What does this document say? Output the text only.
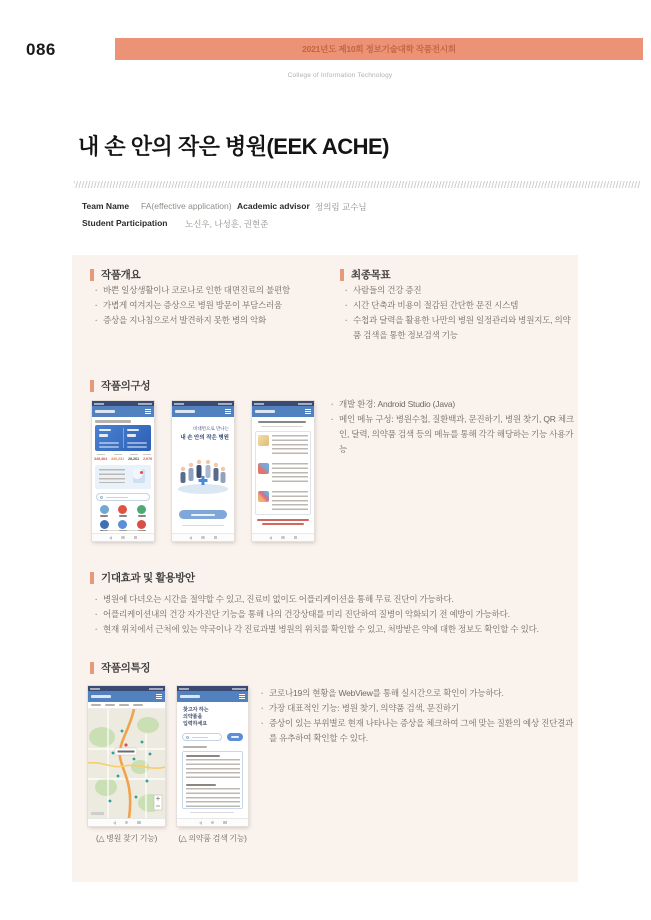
086	2021년도 제10회 정보기술대학 작품전시회
College of Information Technology
내 손 안의 작은 병원(EEK ACHE)
Team Name FA(effective application) Academic advisor 정의림 교수님
Student Participation 노신우, 나성훈, 권현준
작품개요
· 바쁜 일상생활이나 코로나로 인한 대면진료의 불편함
· 가볍게 여겨지는 증상으로 병원 방문이 부담스러움
· 증상을 지나침으로서 발견하지 못한 병의 악화
최종목표
· 사람들의 건강 증진
· 시간 단축과 비용이 절감된 간단한 문진 시스템
· 수첩과 달력을 활용한 나만의 병원 일정관리와 병원지도, 의약품 검색을 통한 정보검색 기능
작품의구성
345,464 340,231 28,261 2,976
비대면으로 만나는
내 손 안의 작은 병원
· 개발 환경: Android Studio (Java)
· 메인 메뉴 구성: 병원수첩, 질환백과, 문진하기, 병원 찾기, QR 체크인, 달력, 의약품 검색 등의 메뉴를 통해 각각 해당하는 기능 사용가능
기대효과 및 활용방안
· 병원에 다녀오는 시간을 절약할 수 있고, 진료비 없이도 어플리케이션을 통해 무료 진단이 가능하다.
· 어플리케이션내의 건강 자가진단 기능을 통해 나의 건강상태를 미리 진단하여 질병이 악화되기 전 예방이 가능하다.
· 현재 위치에서 근처에 있는 약국이나 각 진료과별 병원의 위치를 확인할 수 있고, 처방받은 약에 대한 정보도 확인할 수 있다.
작품의특징
찾고자 하는
의약품을
입력하세요
(△ 병원 찾기 기능)	(△ 의약품 검색 기능)
· 코로나19의 현황을 WebView를 통해 실시간으로 확인이 가능하다.
· 가장 대표적인 기능: 병원 찾기, 의약품 검색, 문진하기
· 증상이 있는 부위별로 현재 나타나는 증상을 체크하여 그에 맞는 질환의 예상 진단결과를 유추하여 확인할 수 있다.
